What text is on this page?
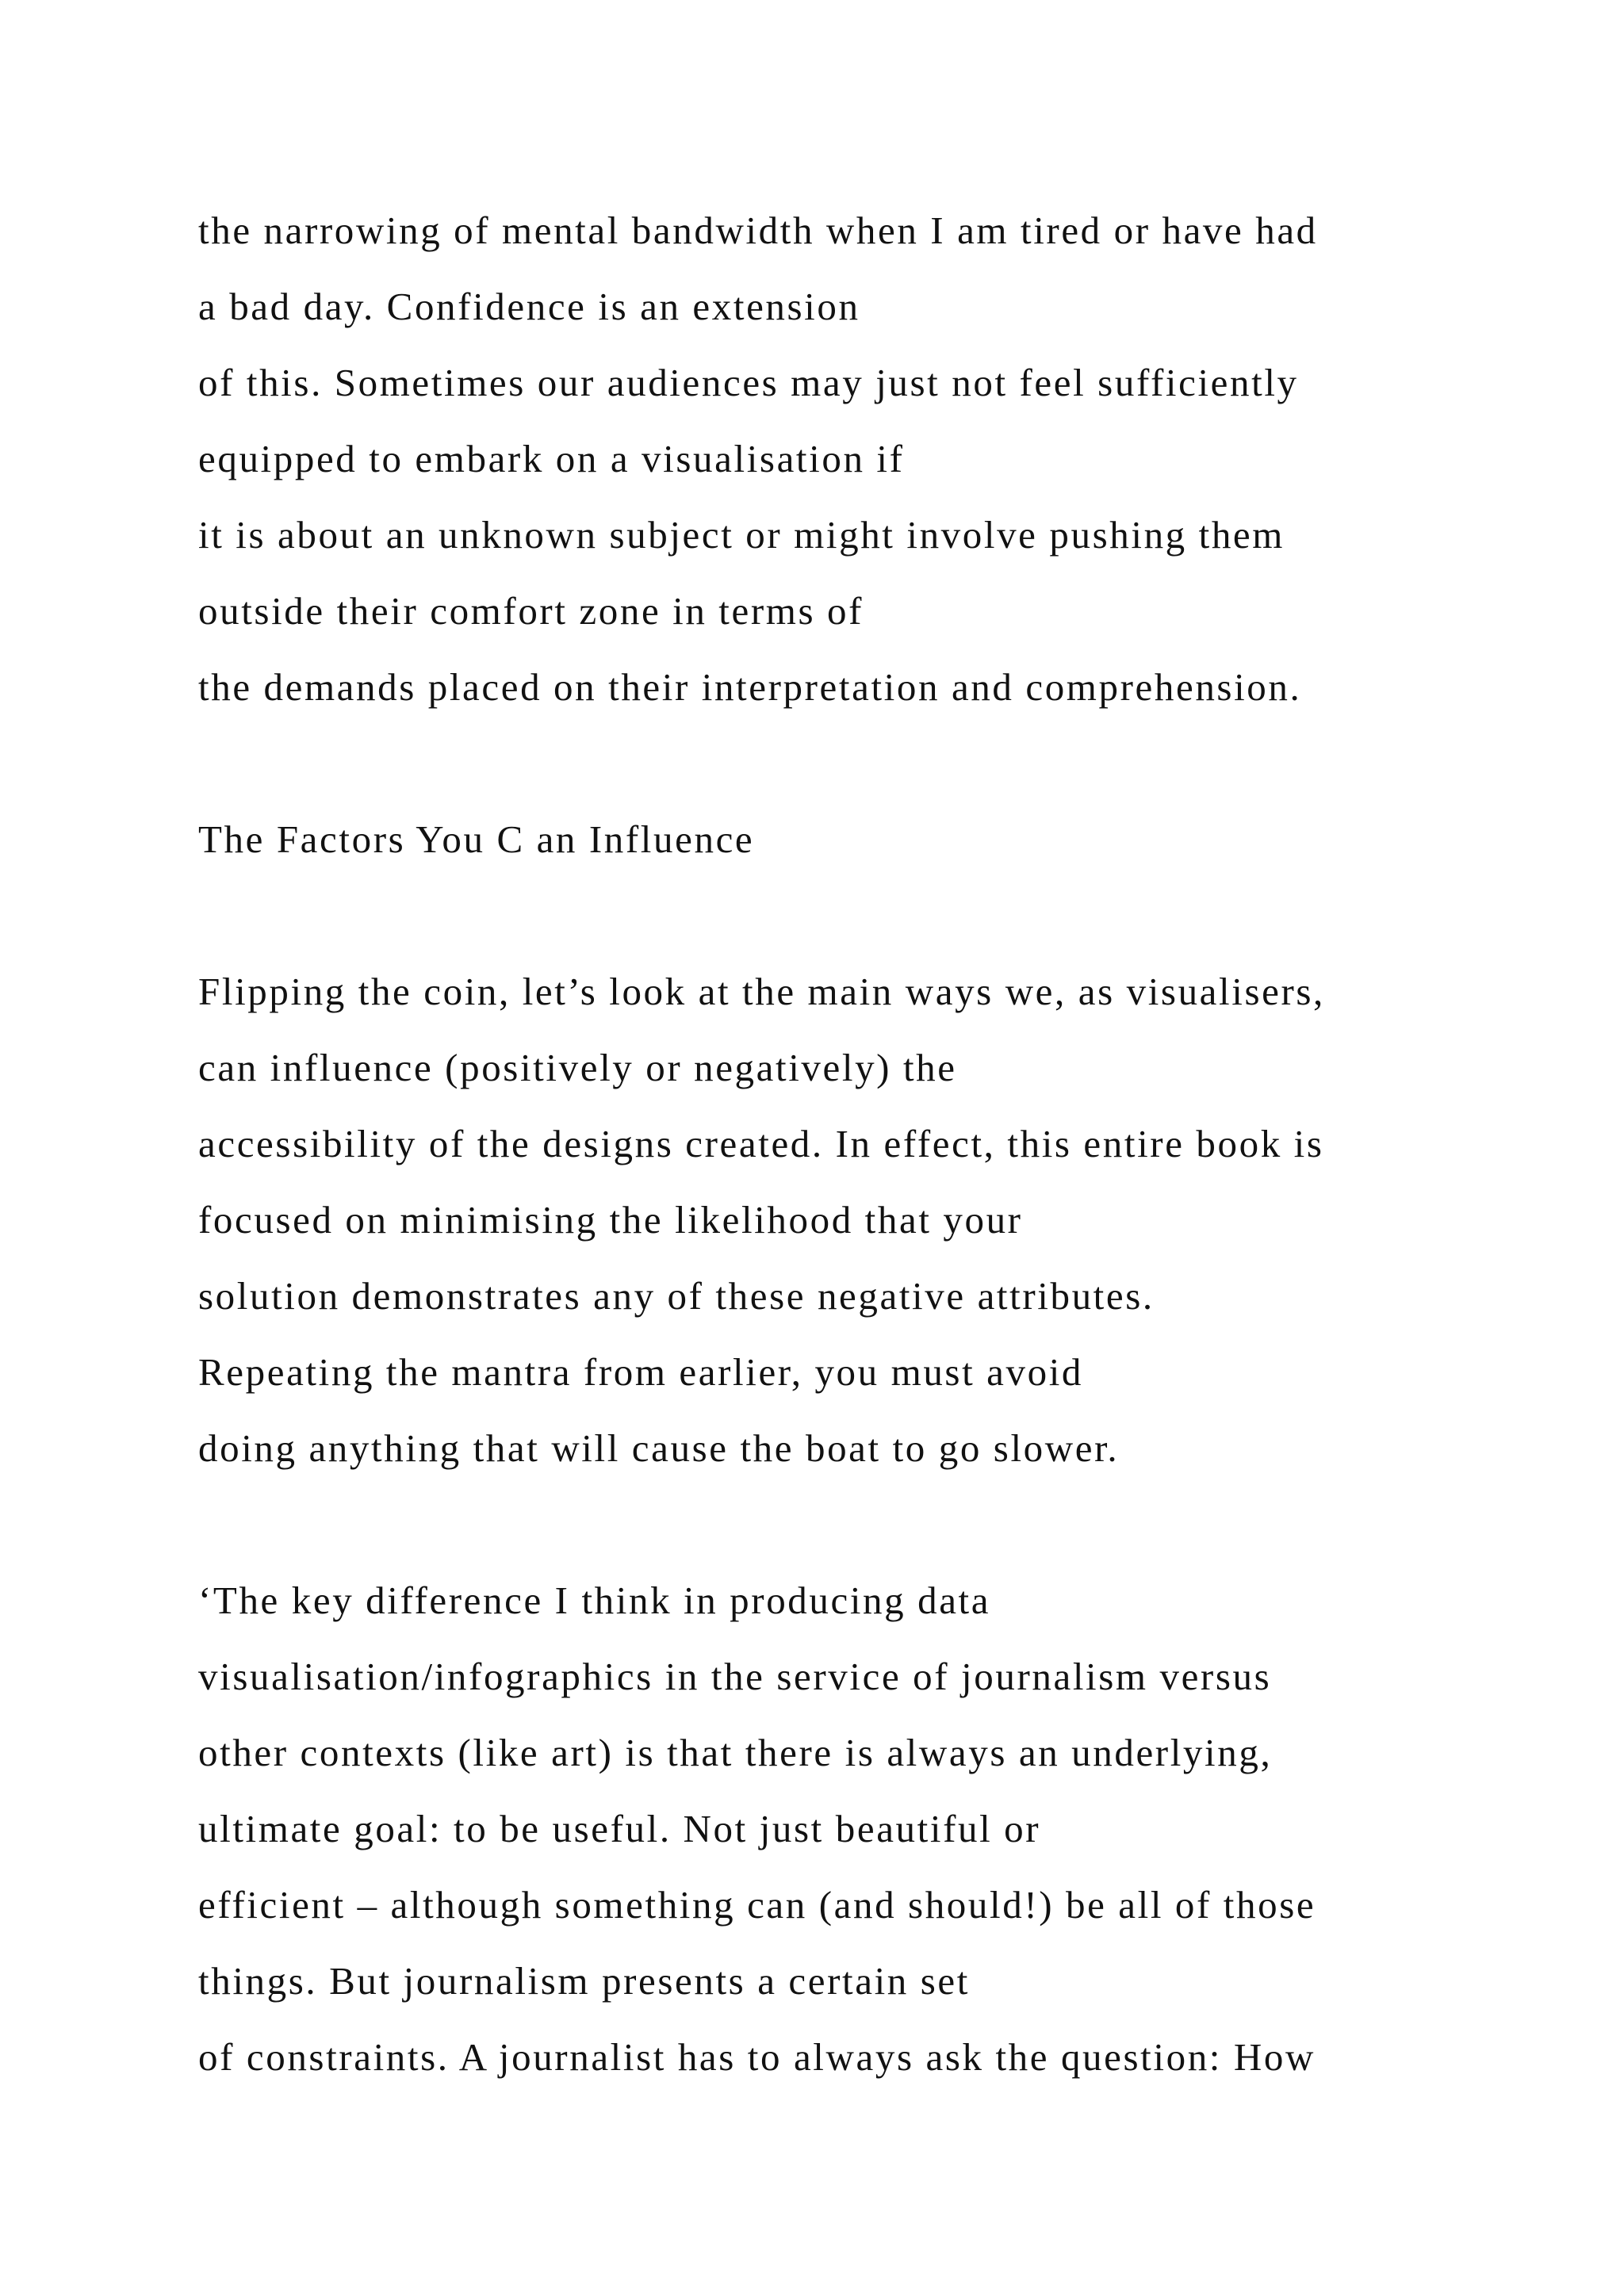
the narrowing of mental bandwidth when I am tired or have had
a bad day. Confidence is an extension
of this. Sometimes our audiences may just not feel sufficiently
equipped to embark on a visualisation if
it is about an unknown subject or might involve pushing them
outside their comfort zone in terms of
the demands placed on their interpretation and comprehension.
The Factors You C an Influence
Flipping the coin, let’s look at the main ways we, as visualisers,
can influence (positively or negatively) the
accessibility of the designs created. In effect, this entire book is
focused on minimising the likelihood that your
solution demonstrates any of these negative attributes.
Repeating the mantra from earlier, you must avoid
doing anything that will cause the boat to go slower.
‘The key difference I think in producing data
visualisation/infographics in the service of journalism versus
other contexts (like art) is that there is always an underlying,
ultimate goal: to be useful. Not just beautiful or
efficient – although something can (and should!) be all of those
things. But journalism presents a certain set
of constraints. A journalist has to always ask the question: How
